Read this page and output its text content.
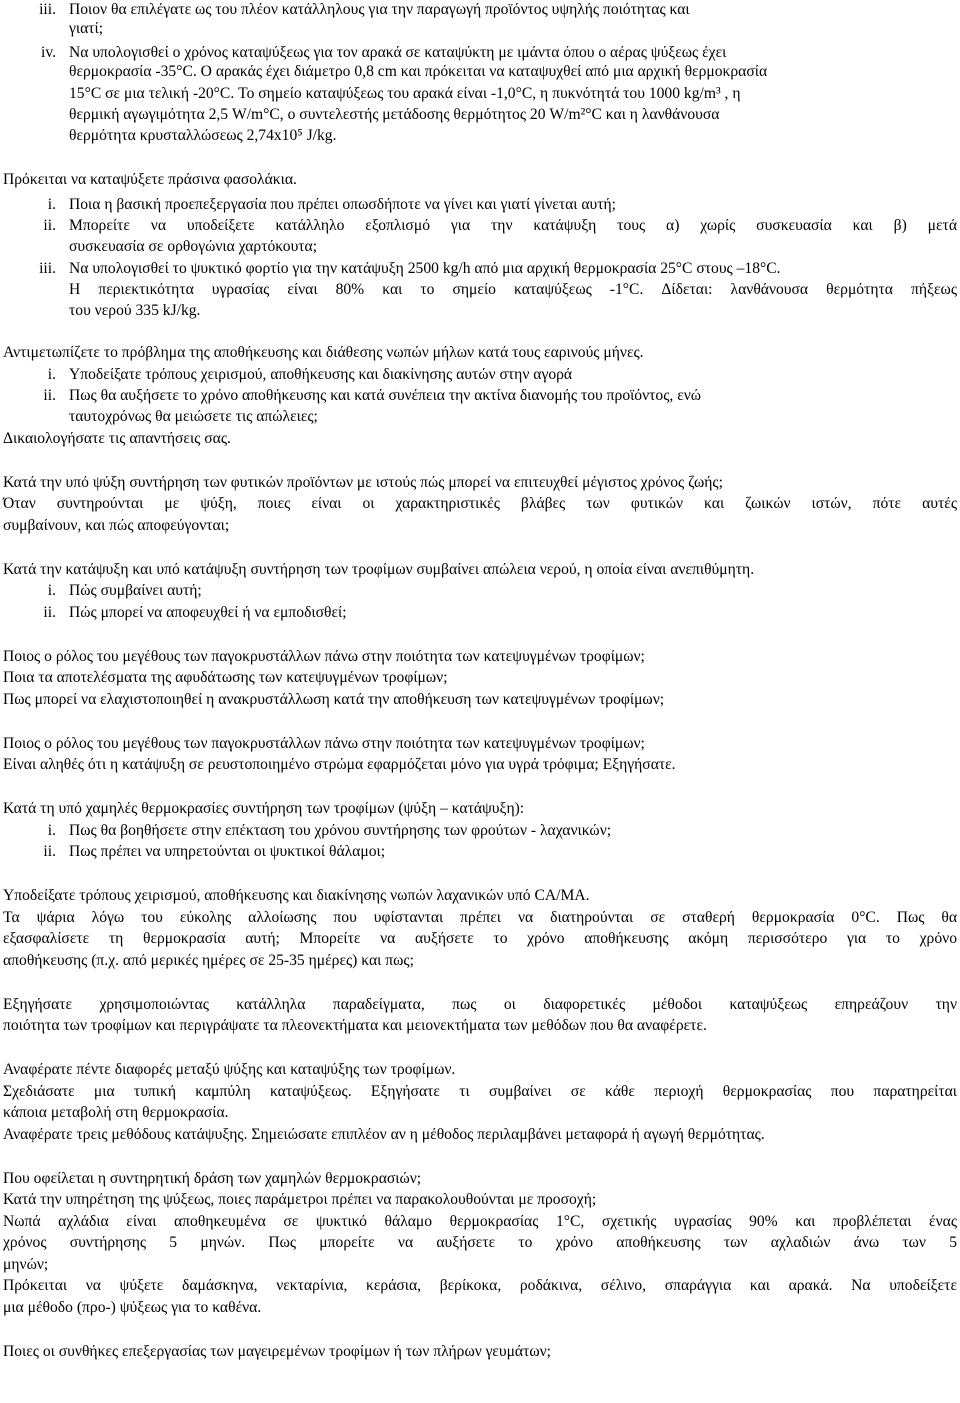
iii. Ποιον θα επιλέγατε ως του πλέον κατάλληλους για την παραγωγή προϊόντος υψηλής ποιότητας και
γιατί;
iv. Να υπολογισθεί ο χρόνος καταψύξεως για τον αρακά σε καταψύκτη με ιμάντα όπου ο αέρας ψύξεως έχει
θερμοκρασία -35°C. Ο αρακάς έχει διάμετρο 0,8 cm και πρόκειται να καταψυχθεί από μια αρχική θερμοκρασία
15°C σε μια τελική -20°C. Το σημείο καταψύξεως του αρακά είναι -1,0°C, η πυκνότητά του 1000 kg/m³ , η
θερμική αγωγιμότητα 2,5 W/m°C, ο συντελεστής μετάδοσης θερμότητος 20 W/m²°C και η λανθάνουσα
θερμότητα κρυσταλλώσεως 2,74x10⁵ J/kg.
Πρόκειται να καταψύξετε πράσινα φασολάκια.
i. Ποια η βασική προεπεξεργασία που πρέπει οπωσδήποτε να γίνει και γιατί γίνεται αυτή;
ii. Μπορείτε να υποδείξετε κατάλληλο εξοπλισμό για την κατάψυξη τους α) χωρίς συσκευασία και β) μετά
συσκευασία σε ορθογώνια χαρτόκουτα;
iii. Να υπολογισθεί το ψυκτικό φορτίο για την κατάψυξη 2500 kg/h από μια αρχική θερμοκρασία 25°C στους –18°C.
Η περιεκτικότητα υγρασίας είναι 80% και το σημείο καταψύξεως -1°C. Δίδεται: λανθάνουσα θερμότητα πήξεως
του νερού 335 kJ/kg.
Αντιμετωπίζετε το πρόβλημα της αποθήκευσης και διάθεσης νωπών μήλων κατά τους εαρινούς μήνες.
i. Υποδείξατε τρόπους χειρισμού, αποθήκευσης και διακίνησης αυτών στην αγορά
ii. Πως θα αυξήσετε το χρόνο αποθήκευσης και κατά συνέπεια την ακτίνα διανομής του προϊόντος, ενώ
ταυτοχρόνως θα μειώσετε τις απώλειες;
Δικαιολογήσατε τις απαντήσεις σας.
Κατά την υπό ψύξη συντήρηση των φυτικών προϊόντων με ιστούς πώς μπορεί να επιτευχθεί μέγιστος χρόνος ζωής;
Όταν συντηρούνται με ψύξη, ποιες είναι οι χαρακτηριστικές βλάβες των φυτικών και ζωικών ιστών, πότε αυτές
συμβαίνουν, και πώς αποφεύγονται;
Κατά την κατάψυξη και υπό κατάψυξη συντήρηση των τροφίμων συμβαίνει απώλεια νερού, η οποία είναι ανεπιθύμητη.
i. Πώς συμβαίνει αυτή;
ii. Πώς μπορεί να αποφευχθεί ή να εμποδισθεί;
Ποιος ο ρόλος του μεγέθους των παγοκρυστάλλων πάνω στην ποιότητα των κατεψυγμένων τροφίμων;
Ποια τα αποτελέσματα της αφυδάτωσης των κατεψυγμένων τροφίμων;
Πως μπορεί να ελαχιστοποιηθεί η ανακρυστάλλωση κατά την αποθήκευση των κατεψυγμένων τροφίμων;
Ποιος ο ρόλος του μεγέθους των παγοκρυστάλλων πάνω στην ποιότητα των κατεψυγμένων τροφίμων;
Είναι αληθές ότι η κατάψυξη σε ρευστοποιημένο στρώμα εφαρμόζεται μόνο για υγρά τρόφιμα; Εξηγήσατε.
Κατά τη υπό χαμηλές θερμοκρασίες συντήρηση των τροφίμων (ψύξη – κατάψυξη):
i. Πως θα βοηθήσετε στην επέκταση του χρόνου συντήρησης των φρούτων - λαχανικών;
ii. Πως πρέπει να υπηρετούνται οι ψυκτικοί θάλαμοι;
Υποδείξατε τρόπους χειρισμού, αποθήκευσης και διακίνησης νωπών λαχανικών υπό CA/MA.
Τα ψάρια λόγω του εύκολης αλλοίωσης που υφίστανται πρέπει να διατηρούνται σε σταθερή θερμοκρασία 0°C. Πως θα
εξασφαλίσετε τη θερμοκρασία αυτή; Μπορείτε να αυξήσετε το χρόνο αποθήκευσης ακόμη περισσότερο για το χρόνο
αποθήκευσης (π.χ. από μερικές ημέρες σε 25-35 ημέρες) και πως;
Εξηγήσατε χρησιμοποιώντας κατάλληλα παραδείγματα, πως οι διαφορετικές μέθοδοι καταψύξεως επηρεάζουν την
ποιότητα των τροφίμων και περιγράψατε τα πλεονεκτήματα και μειονεκτήματα των μεθόδων που θα αναφέρετε.
Αναφέρατε πέντε διαφορές μεταξύ ψύξης και καταψύξης των τροφίμων.
Σχεδιάσατε μια τυπική καμπύλη καταψύξεως. Εξηγήσατε τι συμβαίνει σε κάθε περιοχή θερμοκρασίας που παρατηρείται
κάποια μεταβολή στη θερμοκρασία.
Αναφέρατε τρεις μεθόδους κατάψυξης. Σημειώσατε επιπλέον αν η μέθοδος περιλαμβάνει μεταφορά ή αγωγή θερμότητας.
Που οφείλεται η συντηρητική δράση των χαμηλών θερμοκρασιών;
Κατά την υπηρέτηση της ψύξεως, ποιες παράμετροι πρέπει να παρακολουθούνται με προσοχή;
Νωπά αχλάδια είναι αποθηκευμένα σε ψυκτικό θάλαμο θερμοκρασίας 1°C, σχετικής υγρασίας 90% και προβλέπεται ένας
χρόνος συντήρησης 5 μηνών. Πως μπορείτε να αυξήσετε το χρόνο αποθήκευσης των αχλαδιών άνω των 5
μηνών;
Πρόκειται να ψύξετε δαμάσκηνα, νεκταρίνια, κεράσια, βερίκοκα, ροδάκινα, σέλινο, σπαράγγια και αρακά. Να υποδείξετε
μια μέθοδο (προ-) ψύξεως για το καθένα.
Ποιες οι συνθήκες επεξεργασίας των μαγειρεμένων τροφίμων ή των πλήρων γευμάτων;
